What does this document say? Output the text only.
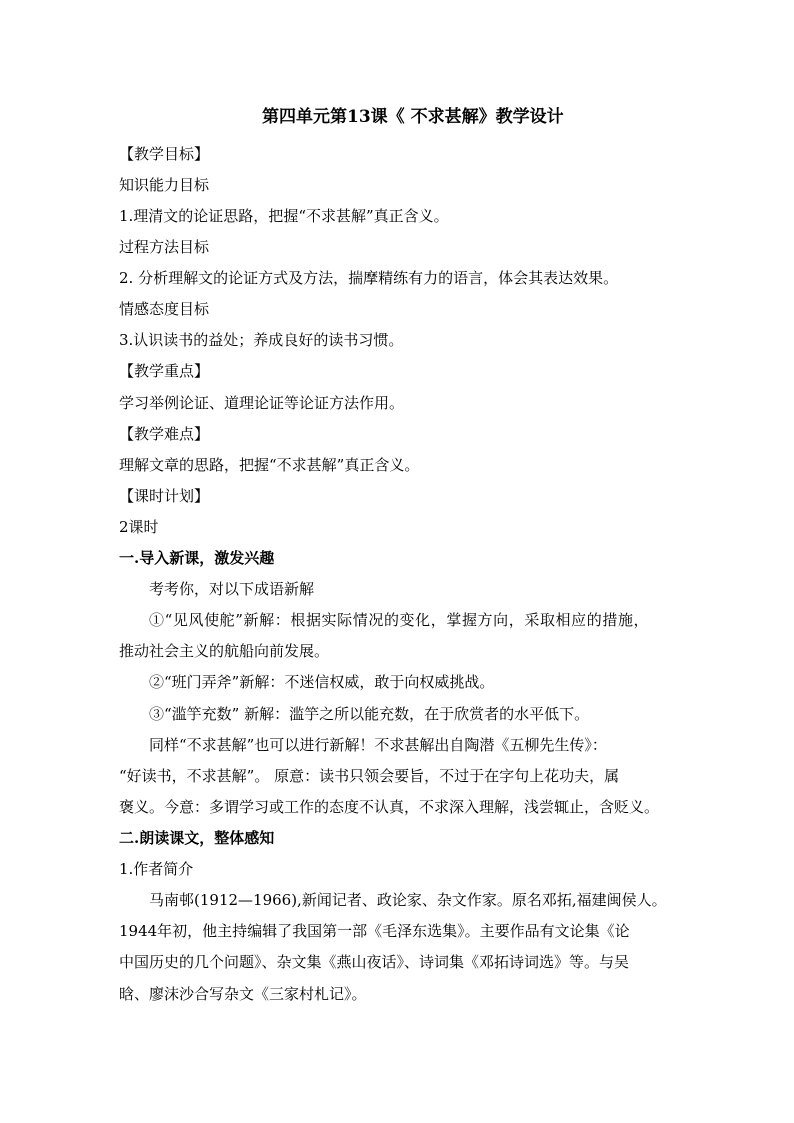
第四单元第13课《 不求甚解》教学设计
【教学目标】
知识能力目标
1.理清文的论证思路，把握“不求甚解”真正含义。
过程方法目标
2. 分析理解文的论证方式及方法，揣摩精练有力的语言，体会其表达效果。
情感态度目标
3.认识读书的益处；养成良好的读书习惯。
【教学重点】
学习举例论证、道理论证等论证方法作用。
【教学难点】
理解文章的思路，把握“不求甚解”真正含义。
【课时计划】
2课时
一.导入新课，激发兴趣
考考你，对以下成语新解
①“见风使舵”新解：根据实际情况的变化，掌握方向，采取相应的措施，
推动社会主义的航船向前发展。
②“班门弄斧”新解：不迷信权威，敢于向权威挑战。
③“滥竽充数” 新解：滥竽之所以能充数，在于欣赏者的水平低下。
同样“不求甚解”也可以进行新解！不求甚解出自陶潜《五柳先生传》：
“好读书，不求甚解”。 原意：读书只领会要旨，不过于在字句上花功夫，属
褒义。今意：多谓学习或工作的态度不认真，不求深入理解，浅尝辄止，含贬义。
二.朗读课文，整体感知
1.作者简介
马南邨(1912—1966),新闻记者、政论家、杂文作家。原名邓拓,福建闽侯人。
1944年初，他主持编辑了我国第一部《毛泽东选集》。主要作品有文论集《论
中国历史的几个问题》、杂文集《燕山夜话》、诗词集《邓拓诗词选》等。与吴
晗、廖沫沙合写杂文《三家村札记》。
